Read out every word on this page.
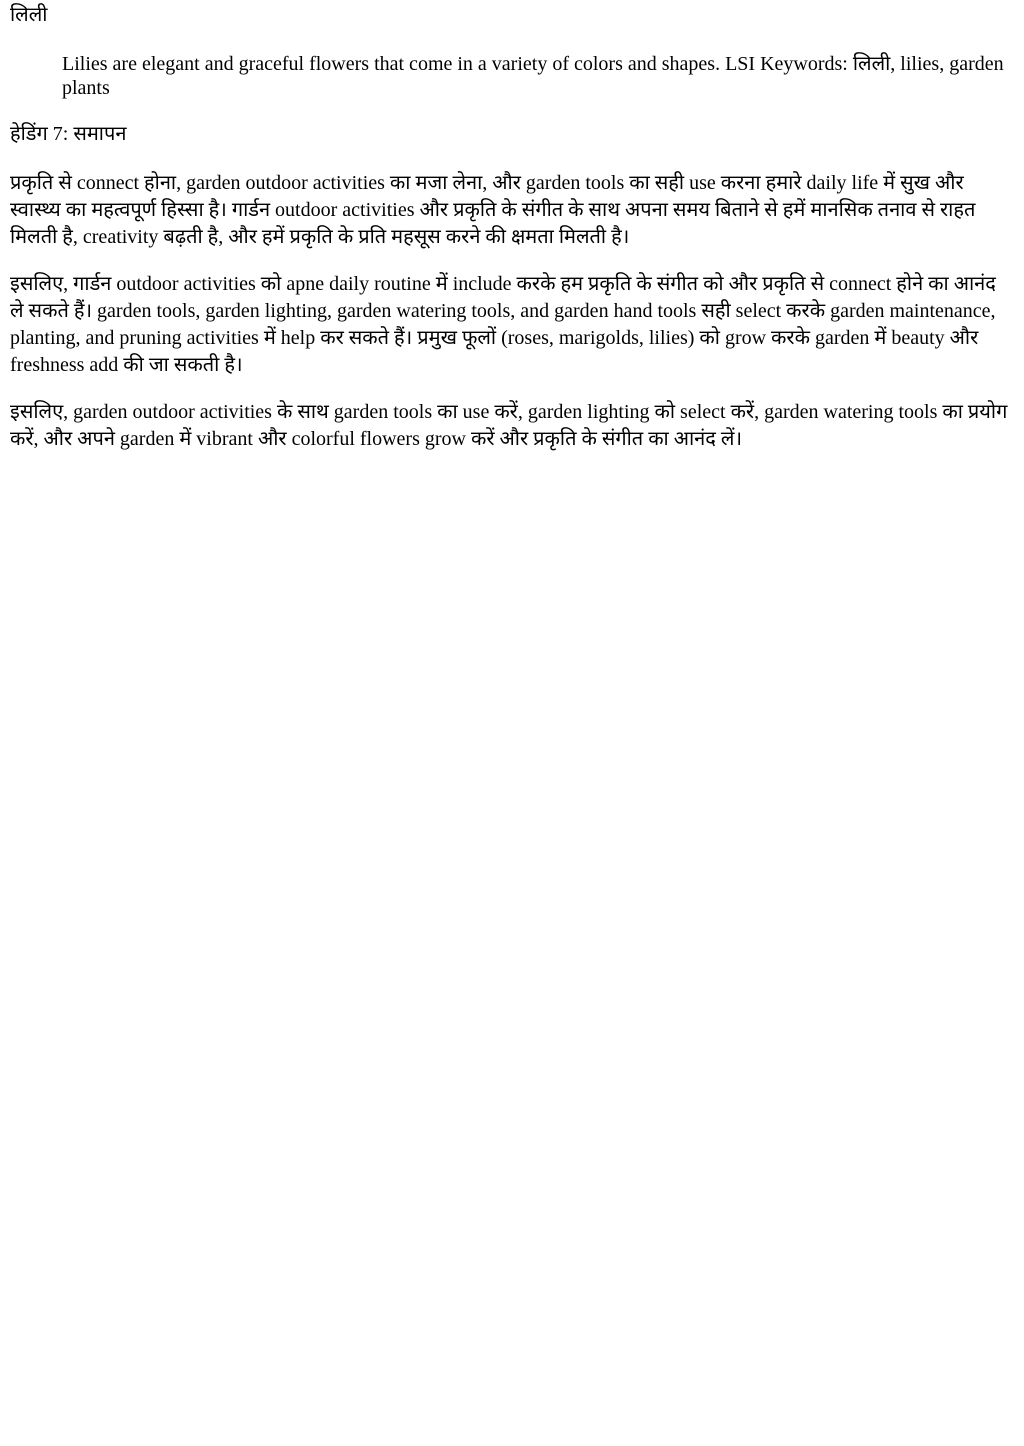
लिली

Lilies are elegant and graceful flowers that come in a variety of colors and shapes. LSI Keywords: लिली, lilies, garden plants

हेडिंग 7: समापन

प्रकृति से connect होना, garden outdoor activities का मजा लेना, और garden tools का सही use करना हमारे daily life में सुख और स्वास्थ्य का महत्वपूर्ण हिस्सा है। गार्डन outdoor activities और प्रकृति के संगीत के साथ अपना समय बिताने से हमें मानसिक तनाव से राहत मिलती है, creativity बढ़ती है, और हमें प्रकृति के प्रति महसूस करने की क्षमता मिलती है।

इसलिए, गार्डन outdoor activities को apne daily routine में include करके हम प्रकृति के संगीत को और प्रकृति से connect होने का आनंद ले सकते हैं। garden tools, garden lighting, garden watering tools, and garden hand tools सही select करके garden maintenance, planting, and pruning activities में help कर सकते हैं। प्रमुख फूलों (roses, marigolds, lilies) को grow करके garden में beauty और freshness add की जा सकती है।

इसलिए, garden outdoor activities के साथ garden tools का use करें, garden lighting को select करें, garden watering tools का प्रयोग करें, और अपने garden में vibrant और colorful flowers grow करें और प्रकृति के संगीत का आनंद लें।
